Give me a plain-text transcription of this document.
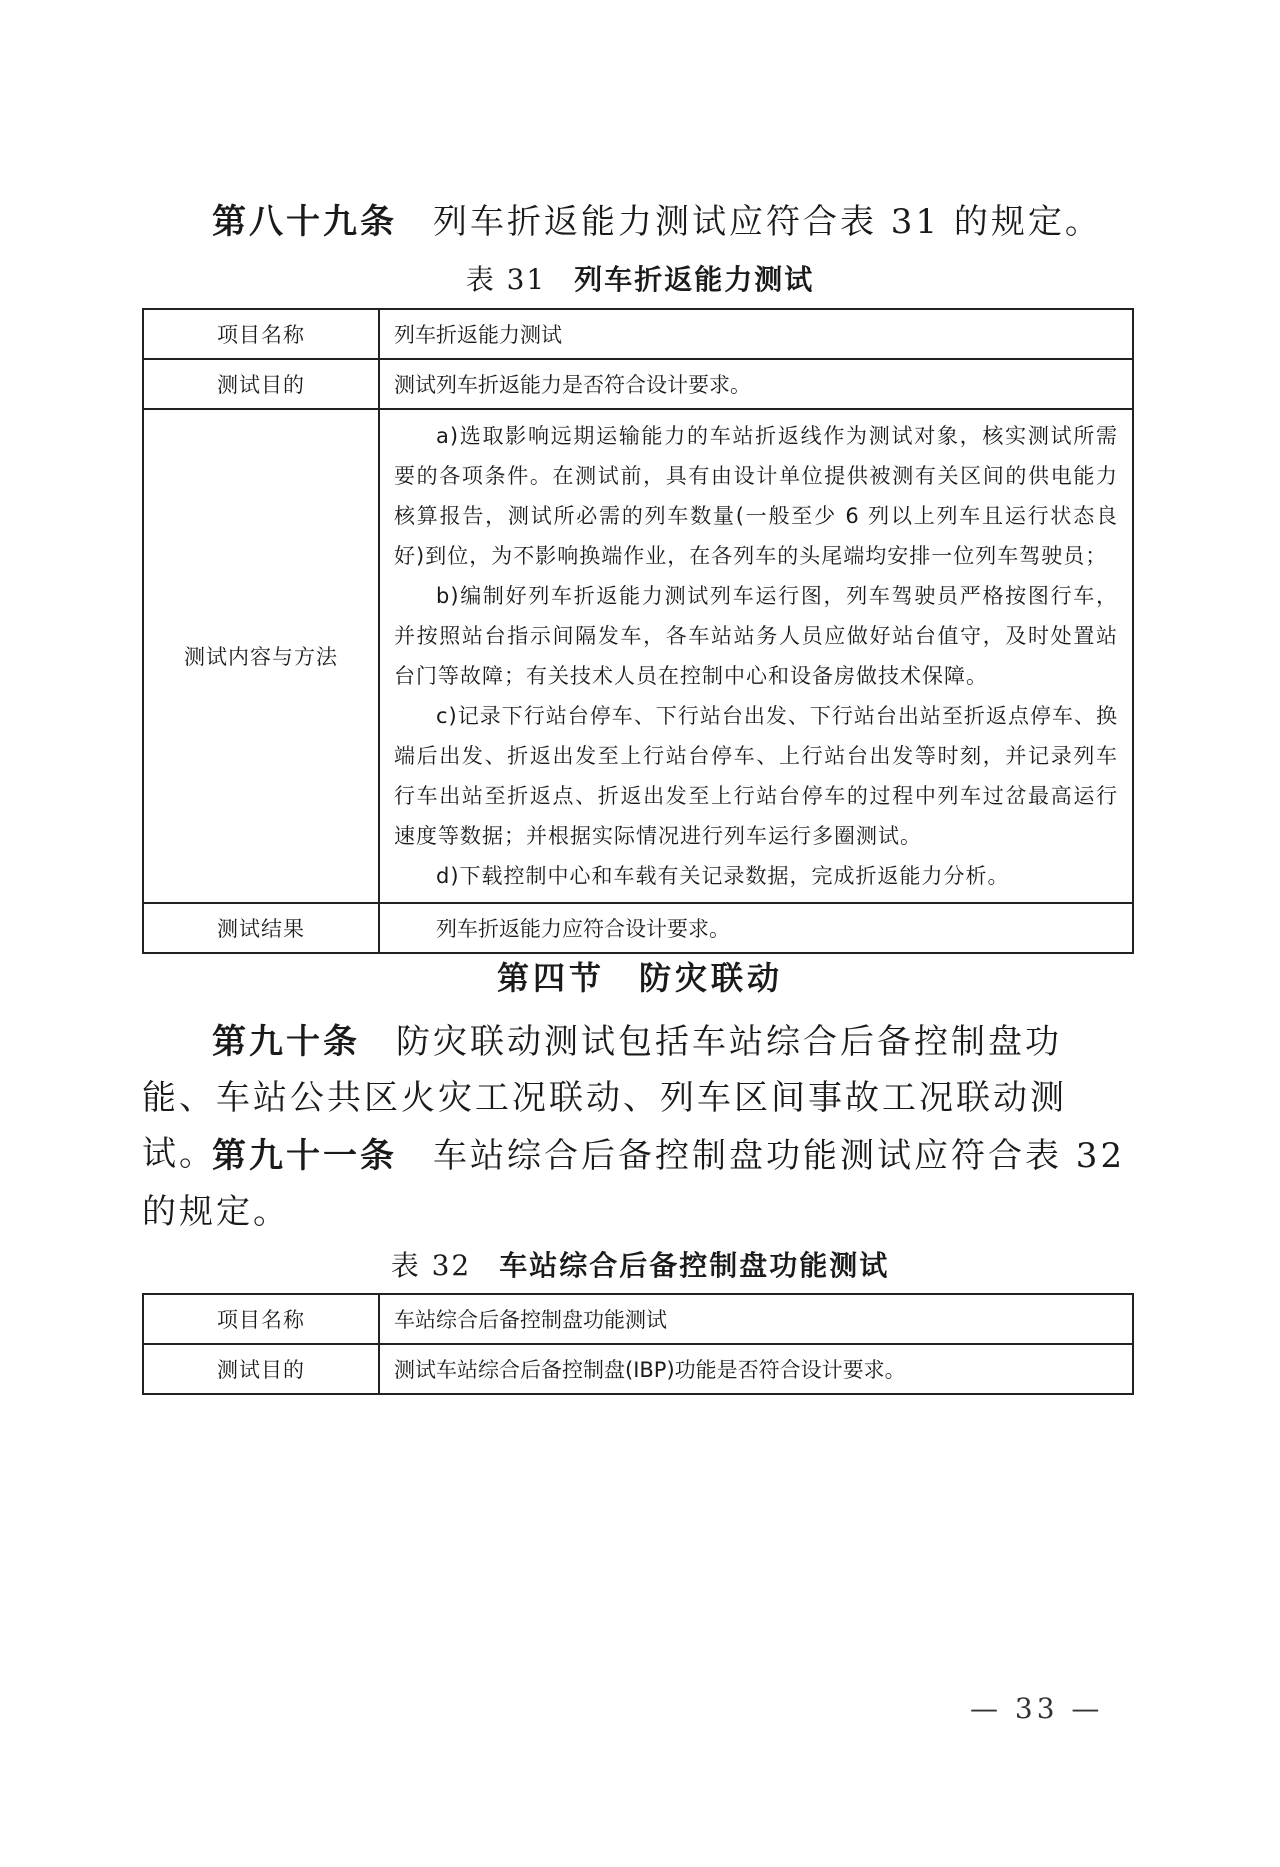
第八十九条 列车折返能力测试应符合表 31 的规定。
表 31 列车折返能力测试
项目名称	列车折返能力测试
测试目的	测试列车折返能力是否符合设计要求。
测试内容与方法	a)选取影响远期运输能力的车站折返线作为测试对象，核实测试所需要的各项条件。在测试前，具有由设计单位提供被测有关区间的供电能力核算报告，测试所必需的列车数量(一般至少 6 列以上列车且运行状态良好)到位，为不影响换端作业，在各列车的头尾端均安排一位列车驾驶员；

b)编制好列车折返能力测试列车运行图，列车驾驶员严格按图行车，并按照站台指示间隔发车，各车站站务人员应做好站台值守，及时处置站台门等故障；有关技术人员在控制中心和设备房做技术保障。

c)记录下行站台停车、下行站台出发、下行站台出站至折返点停车、换端后出发、折返出发至上行站台停车、上行站台出发等时刻，并记录列车行车出站至折返点、折返出发至上行站台停车的过程中列车过岔最高运行速度等数据；并根据实际情况进行列车运行多圈测试。

d)下载控制中心和车载有关记录数据，完成折返能力分析。

测试结果	列车折返能力应符合设计要求。
第四节 防灾联动
第九十条 防灾联动测试包括车站综合后备控制盘功能、车站公共区火灾工况联动、列车区间事故工况联动测试。
第九十一条 车站综合后备控制盘功能测试应符合表 32 的规定。
表 32 车站综合后备控制盘功能测试
项目名称	车站综合后备控制盘功能测试
测试目的	测试车站综合后备控制盘(IBP)功能是否符合设计要求。
— 33 —
